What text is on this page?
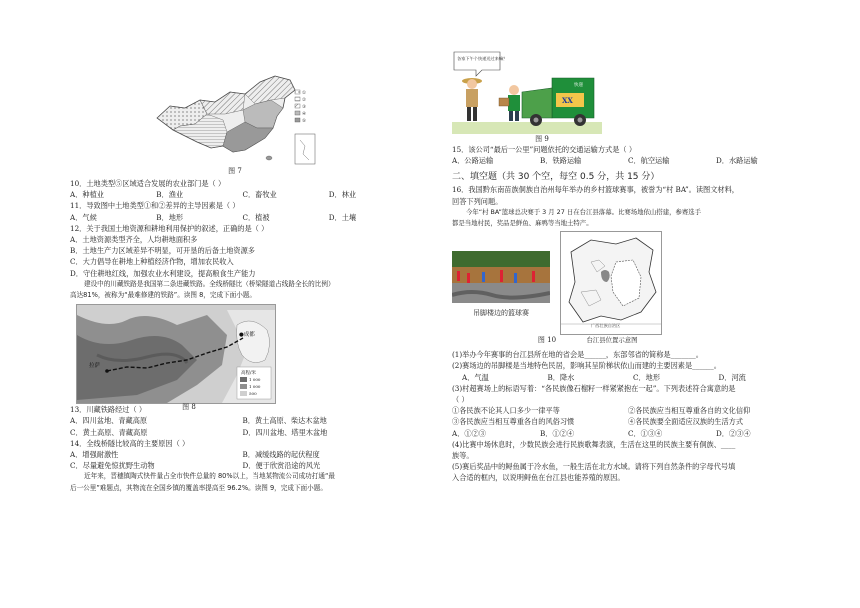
①
②
③
④
⑤
图 7
10．土地类型⑤区域适合发展的农业部门是（ ）
A．种植业	B．渔业	C．畜牧业	D．林业
11．导致图中土地类型①和②差异的主导因素是（ ）
A．气候	B．地形	C．植被	D．土壤
12．关于我国土地资源和耕地利用保护的叙述，正确的是（ ）
A．土地资源类型齐全，人均耕地面积多
B．土地生产力区域差异不明显，可开垦的后备土地资源多
C．大力倡导在耕地上种植经济作物，增加农民收入
D．守住耕地红线，加强农业水利建设，提高粮食生产能力
建设中的川藏铁路是我国第二条进藏铁路。全线桥隧比（桥梁隧道占线路全长的比例）
高达81%，被称为“最难修建的铁路”。读图 8，完成下面小题。
拉萨
●成都
高程/米
1 000
1 000
500
13．川藏铁路经过（ ）	图 8
A．四川盆地、青藏高原	B．黄土高原、柴达木盆地
C．黄土高原、青藏高原	D．四川盆地、塔里木盆地
14．全线桥隧比较高的主要原因（ ）
A．增强耐激性	B．减缓线路的起伏程度
C．尽量避免惊扰野生动物	D．便于欣赏沿途的风光
近年来，晋穗镇陶式快件量占全市快件总量的 80%以上，当地某物流公司成功打通“最
后一公里”难题点，其物流在全国乡镇的覆盖率提高至 96.2%。读图 9，完成下面小题。
各家下午个快递送过来嘛？
XX
快递
图 9
15．该公司“最后一公里”问题依托的交通运输方式是（ ）
A．公路运输	B．铁路运输	C．航空运输	D．水路运输
二、填空题（共 30 个空，每空 0.5 分，共 15 分）
16．我国黔东南苗族侗族自治州每年举办的乡村篮球赛事，被誉为“村 BA”。读图文材料，
回答下列问题。
今年“村 BA”篮球总决赛于 3 月 27 日在台江县落幕。比赛场地依山搭建，参赛选手
都是当地村民，奖品是鲜鱼、麻鸭等当地土特产。
吊脚楼边的篮球赛
广西壮族自治区
图 10	台江县位置示意图
(1)举办今年赛事的台江县所在地的省会是______，东部邻省的简称是_______。
(2)赛场边的吊脚楼是当地特色民居，影响其呈阶梯状依山而建的主要因素是______。
A．气温	B．降水	C．地形	D．河流
(3)村超赛场上的标语写着：“各民族像石榴籽一样紧紧抱在一起”。下列表述符合寓意的是
（ ）
①各民族不论其人口多少一律平等	②各民族应当相互尊重各自的文化信仰
③各民族应当相互尊重各自的风俗习惯	④各民族要全面适应汉族的生活方式
A．①②③	B．①②④	C．①③④	D．②③④
(4)比赛中场休息时，少数民族会进行民族歌舞表演，生活在这里的民族主要有侗族、____
族等。
(5)赛后奖品中的鲟鱼属于冷水鱼，一般生活在北方水域。请将下列自然条件的字母代号填
入合适的框内，以说明鲟鱼在台江县也能养殖的原因。
